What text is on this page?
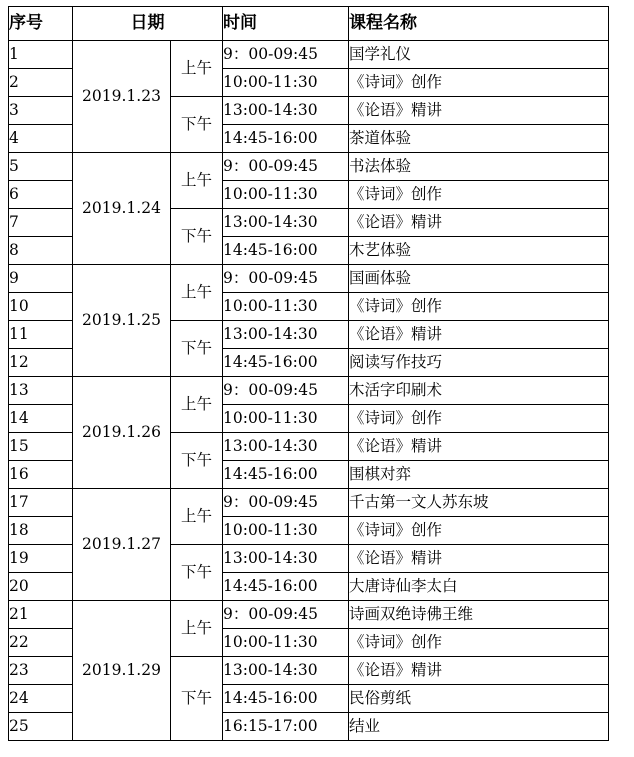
序号	日期		时间	课程名称
1	2019.1.23	上午	9：00-09:45	国学礼仪
2			10:00-11:30	《诗词》创作
3		下午	13:00-14:30	《论语》精讲
4			14:45-16:00	茶道体验
5	2019.1.24	上午	9：00-09:45	书法体验
6			10:00-11:30	《诗词》创作
7		下午	13:00-14:30	《论语》精讲
8			14:45-16:00	木艺体验
9	2019.1.25	上午	9：00-09:45	国画体验
10			10:00-11:30	《诗词》创作
11		下午	13:00-14:30	《论语》精讲
12			14:45-16:00	阅读写作技巧
13	2019.1.26	上午	9：00-09:45	木活字印刷术
14			10:00-11:30	《诗词》创作
15		下午	13:00-14:30	《论语》精讲
16			14:45-16:00	围棋对弈
17	2019.1.27	上午	9：00-09:45	千古第一文人苏东坡
18			10:00-11:30	《诗词》创作
19		下午	13:00-14:30	《论语》精讲
20			14:45-16:00	大唐诗仙李太白
21	2019.1.29	上午	9：00-09:45	诗画双绝诗佛王维
22			10:00-11:30	《诗词》创作
23		下午	13:00-14:30	《论语》精讲
24			14:45-16:00	民俗剪纸
25			16:15-17:00	结业
